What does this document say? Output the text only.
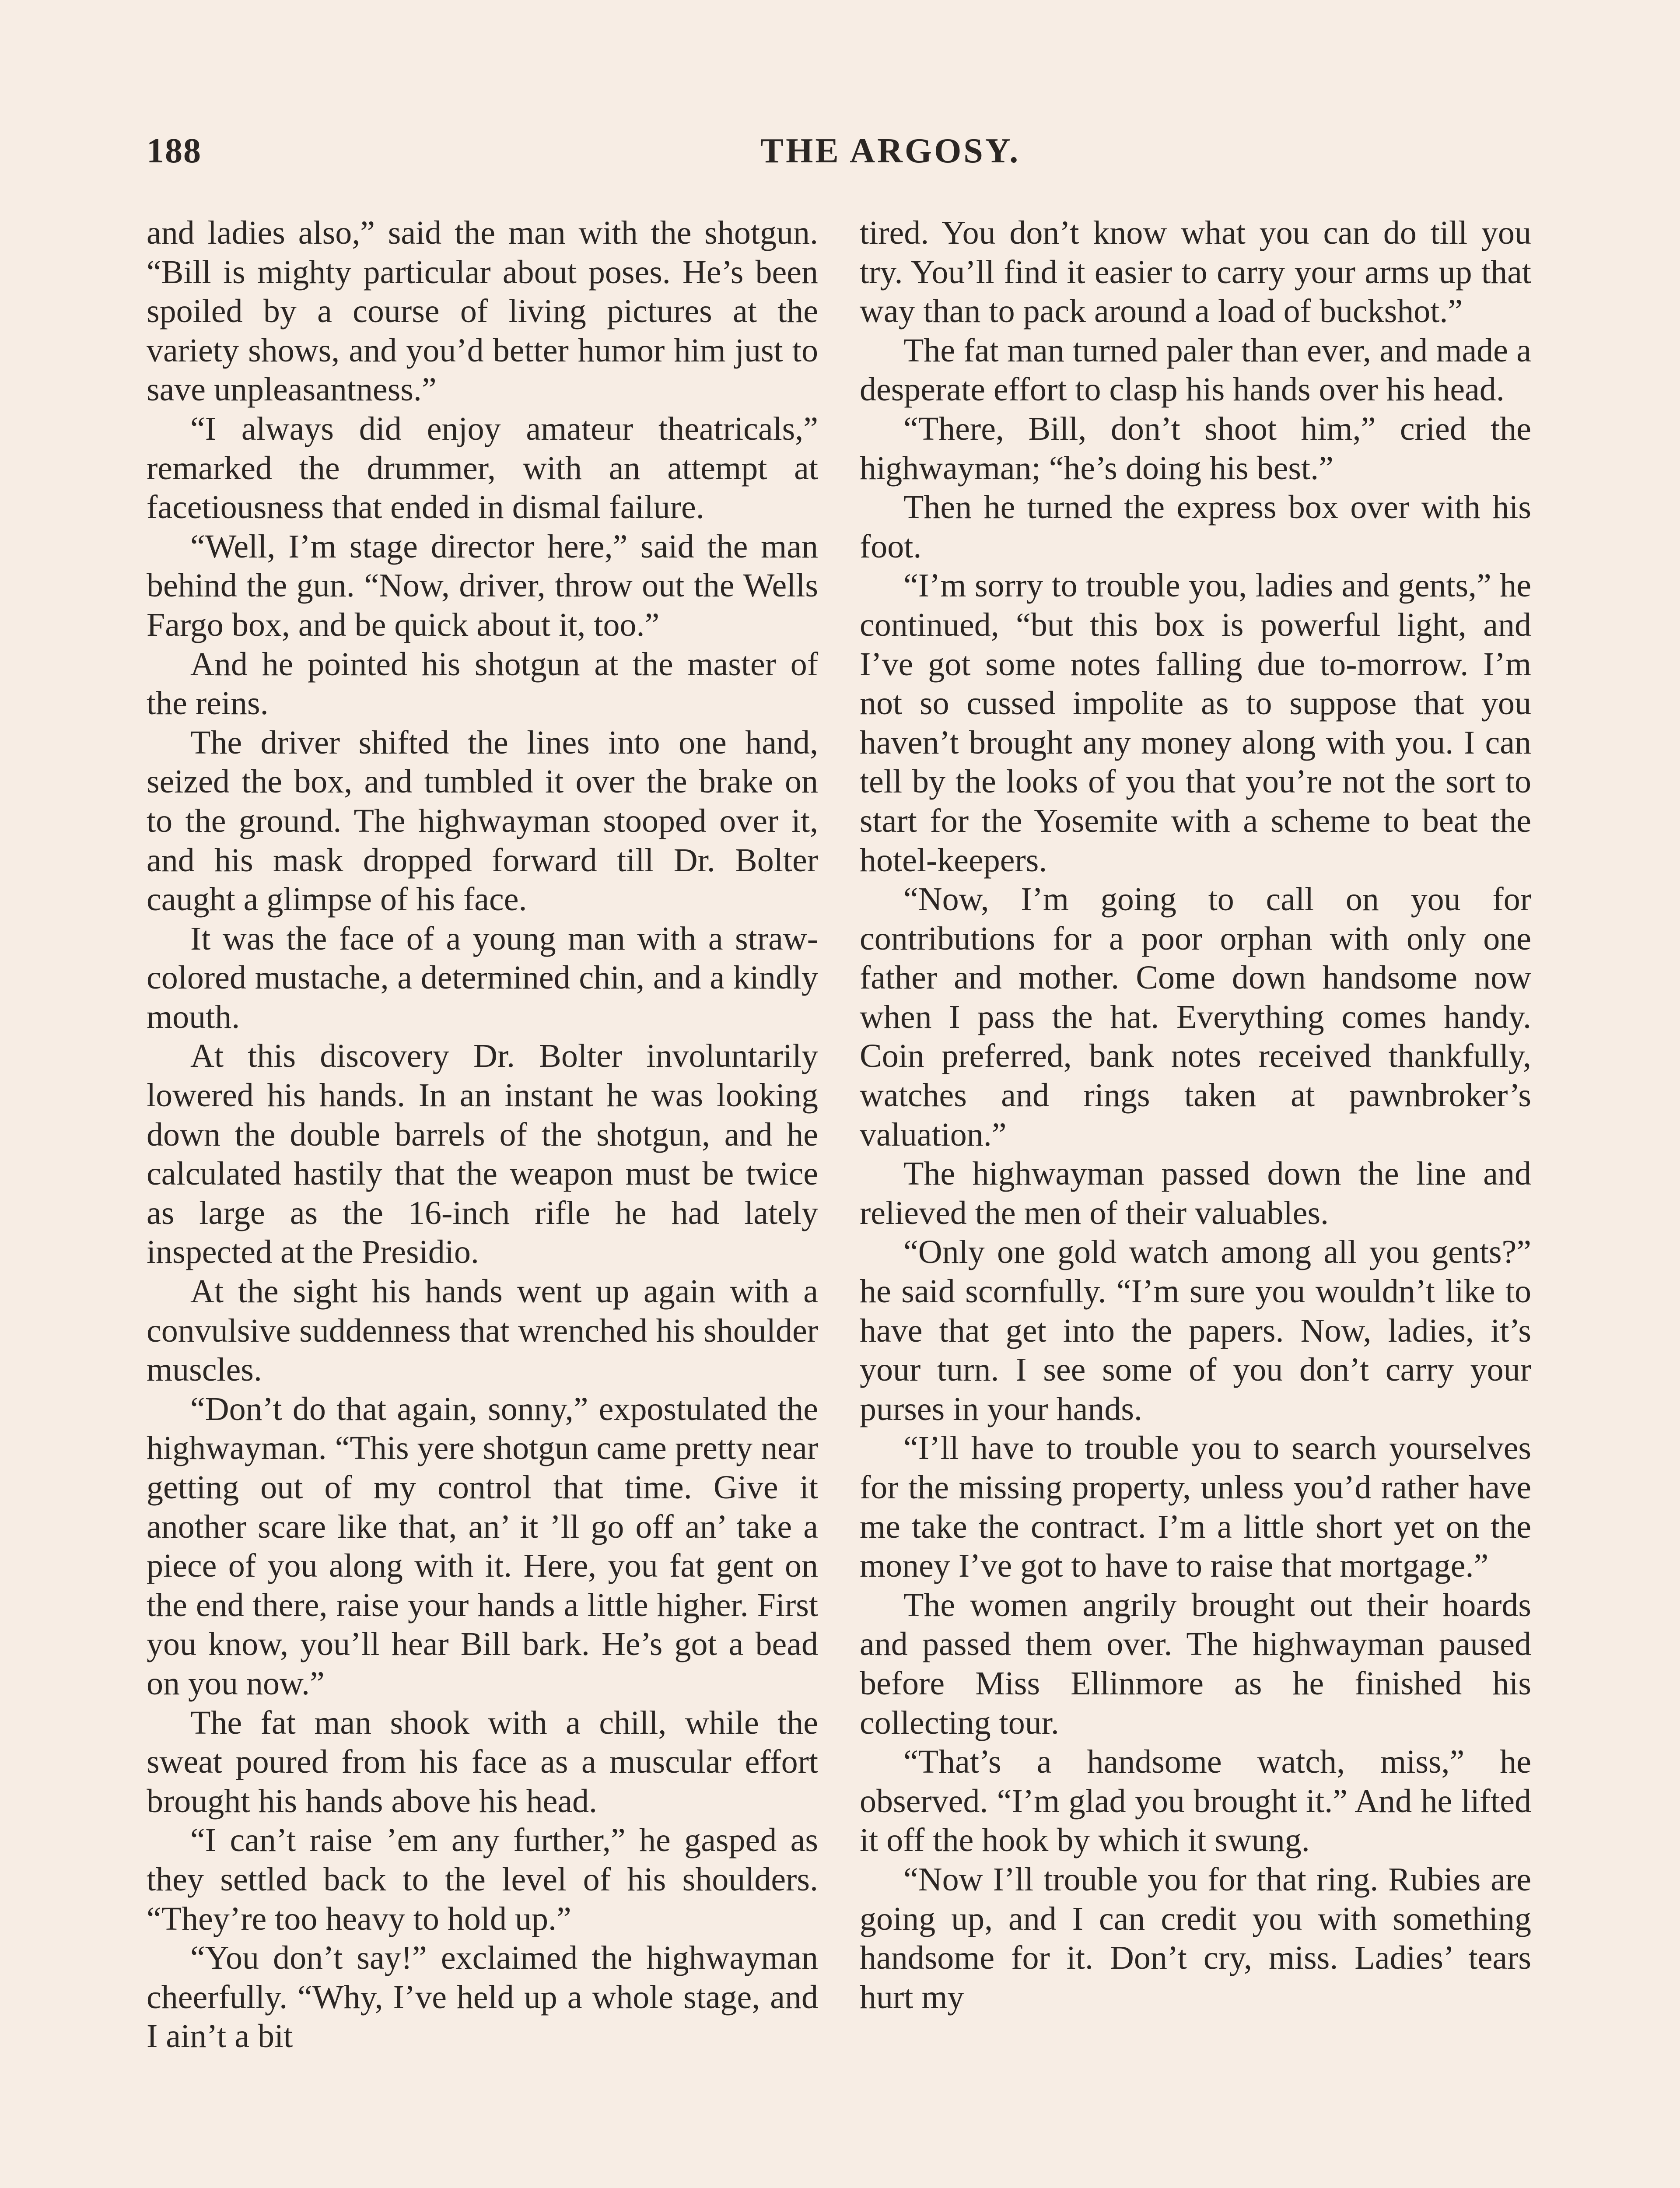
188	THE ARGOSY.

and ladies also,” said the man with the shotgun. “Bill is mighty particular about poses. He’s been spoiled by a course of living pictures at the variety shows, and you’d better humor him just to save unpleasantness.”

“I always did enjoy amateur theatricals,” remarked the drummer, with an attempt at facetiousness that ended in dismal failure.

“Well, I’m stage director here,” said the man behind the gun. “Now, driver, throw out the Wells Fargo box, and be quick about it, too.”

And he pointed his shotgun at the master of the reins.

The driver shifted the lines into one hand, seized the box, and tumbled it over the brake on to the ground. The highwayman stooped over it, and his mask dropped forward till Dr. Bolter caught a glimpse of his face.

It was the face of a young man with a straw-colored mustache, a determined chin, and a kindly mouth.

At this discovery Dr. Bolter involuntarily lowered his hands. In an instant he was looking down the double barrels of the shotgun, and he calculated hastily that the weapon must be twice as large as the 16-inch rifle he had lately inspected at the Presidio.

At the sight his hands went up again with a convulsive suddenness that wrenched his shoulder muscles.

“Don’t do that again, sonny,” expostulated the highwayman. “This yere shotgun came pretty near getting out of my control that time. Give it another scare like that, an’ it ’ll go off an’ take a piece of you along with it. Here, you fat gent on the end there, raise your hands a little higher. First you know, you’ll hear Bill bark. He’s got a bead on you now.”

The fat man shook with a chill, while the sweat poured from his face as a muscular effort brought his hands above his head.

“I can’t raise ’em any further,” he gasped as they settled back to the level of his shoulders. “They’re too heavy to hold up.”

“You don’t say!” exclaimed the highwayman cheerfully. “Why, I’ve held up a whole stage, and I ain’t a bit

tired. You don’t know what you can do till you try. You’ll find it easier to carry your arms up that way than to pack around a load of buckshot.”

The fat man turned paler than ever, and made a desperate effort to clasp his hands over his head.

“There, Bill, don’t shoot him,” cried the highwayman; “he’s doing his best.”

Then he turned the express box over with his foot.

“I’m sorry to trouble you, ladies and gents,” he continued, “but this box is powerful light, and I’ve got some notes falling due to-morrow. I’m not so cussed impolite as to suppose that you haven’t brought any money along with you. I can tell by the looks of you that you’re not the sort to start for the Yosemite with a scheme to beat the hotel-keepers.

“Now, I’m going to call on you for contributions for a poor orphan with only one father and mother. Come down handsome now when I pass the hat. Everything comes handy. Coin preferred, bank notes received thankfully, watches and rings taken at pawnbroker’s valuation.”

The highwayman passed down the line and relieved the men of their valuables.

“Only one gold watch among all you gents?” he said scornfully. “I’m sure you wouldn’t like to have that get into the papers. Now, ladies, it’s your turn. I see some of you don’t carry your purses in your hands.

“I’ll have to trouble you to search yourselves for the missing property, unless you’d rather have me take the contract. I’m a little short yet on the money I’ve got to have to raise that mortgage.”

The women angrily brought out their hoards and passed them over. The highwayman paused before Miss Ellinmore as he finished his collecting tour.

“That’s a handsome watch, miss,” he observed. “I’m glad you brought it.” And he lifted it off the hook by which it swung.

“Now I’ll trouble you for that ring. Rubies are going up, and I can credit you with something handsome for it. Don’t cry, miss. Ladies’ tears hurt my
